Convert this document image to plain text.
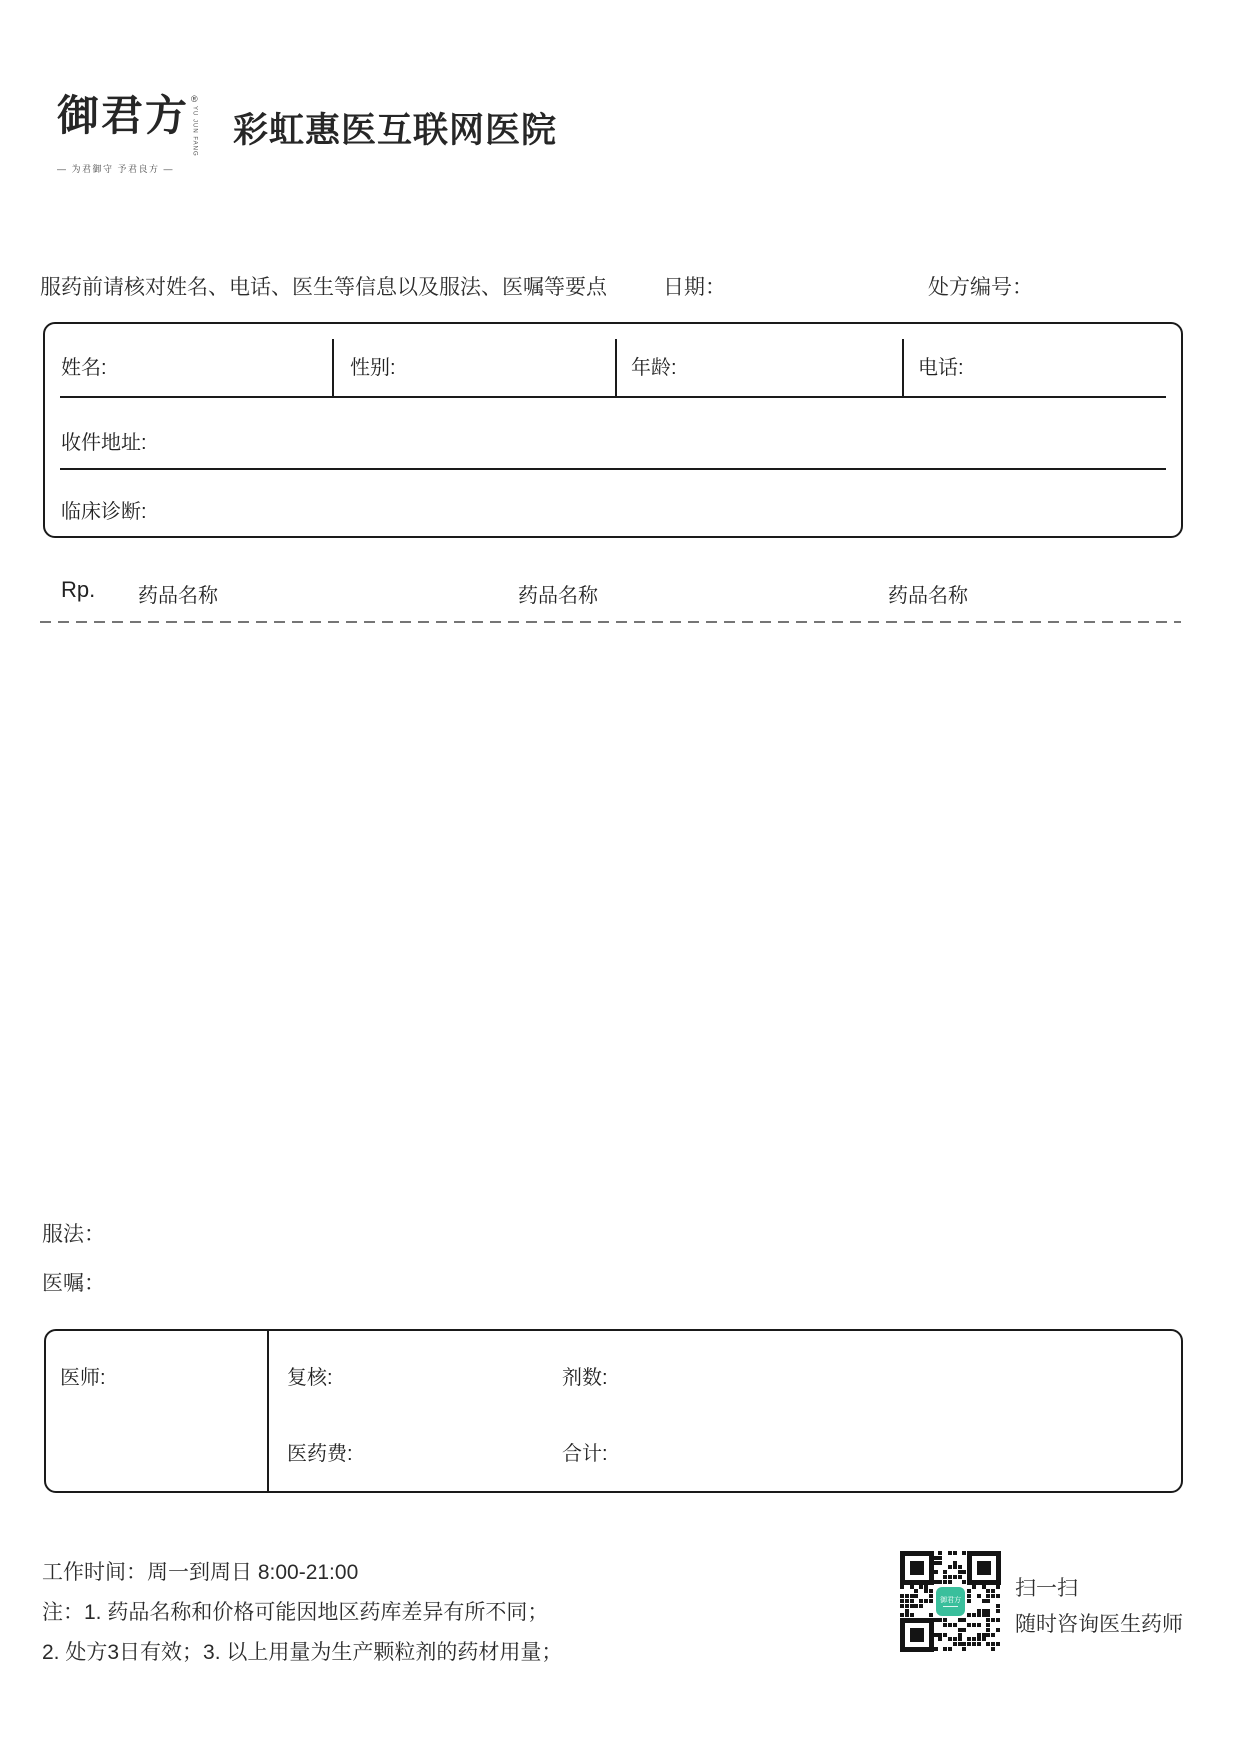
御君方 ®
YU JUN FANG
— 为君御守 予君良方 —
彩虹惠医互联网医院
服药前请核对姓名、电话、医生等信息以及服法、医嘱等要点	日期：	处方编号：
姓名:	性别:	年龄:	电话:
收件地址:
临床诊断:
Rp. 药品名称	药品名称	药品名称
服法：
医嘱：
医师:	复核:	剂数:
医药费:	合计:
工作时间：周一到周日 8:00-21:00
注：1. 药品名称和价格可能因地区药库差异有所不同；
2. 处方3日有效；3. 以上用量为生产颗粒剂的药材用量；
御君方	扫一扫
随时咨询医生药师
